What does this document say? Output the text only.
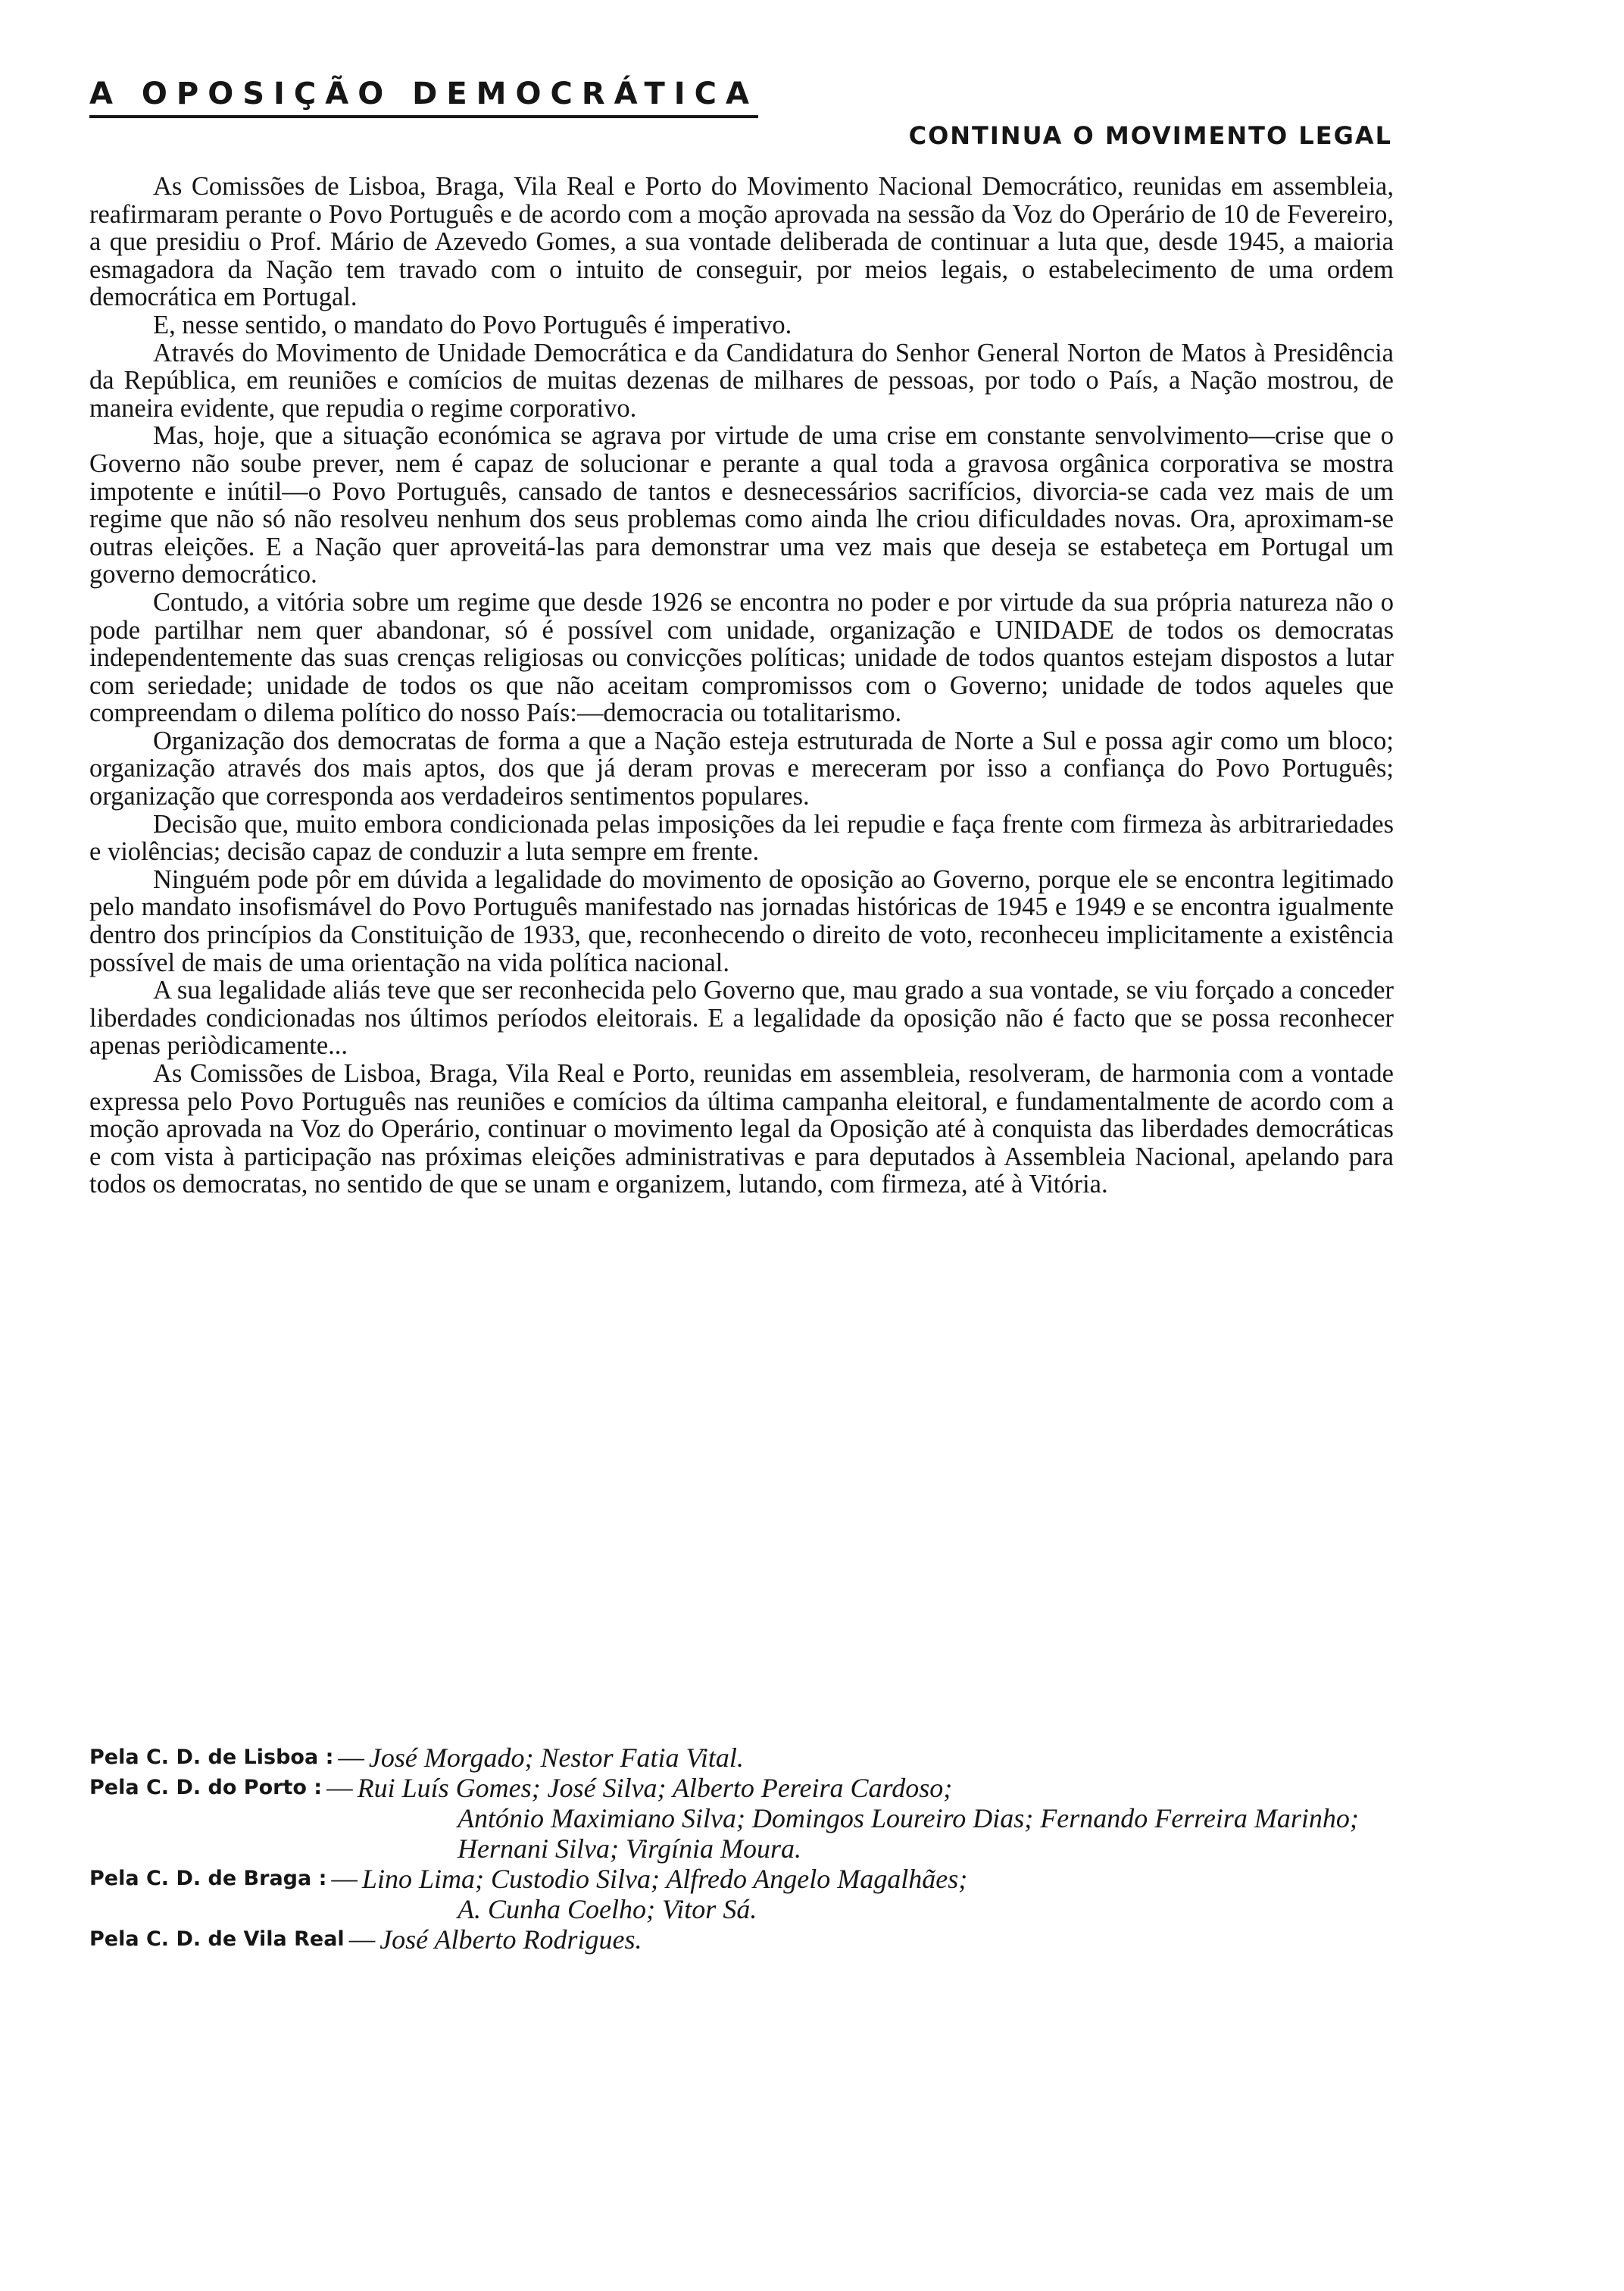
A OPOSIÇÃO DEMOCRÁTICA
CONTINUA O MOVIMENTO LEGAL

As Comissões de Lisboa, Braga, Vila Real e Porto do Movimento Nacional Democrático, reunidas em assembleia, reafirmaram perante o Povo Português e de acordo com a moção aprovada na sessão da Voz do Operário de 10 de Fevereiro, a que presidiu o Prof. Mário de Azevedo Gomes, a sua vontade deliberada de continuar a luta que, desde 1945, a maioria esmagadora da Nação tem travado com o intuito de conseguir, por meios legais, o estabelecimento de uma ordem democrática em Portugal.

E, nesse sentido, o mandato do Povo Português é imperativo.

Através do Movimento de Unidade Democrática e da Candidatura do Senhor General Norton de Matos à Presidência da República, em reuniões e comícios de muitas dezenas de milhares de pessoas, por todo o País, a Nação mostrou, de maneira evidente, que repudia o regime corporativo.

Mas, hoje, que a situação económica se agrava por virtude de uma crise em constante senvolvimento—crise que o Governo não soube prever, nem é capaz de solucionar e perante a qual toda a gravosa orgânica corporativa se mostra impotente e inútil—o Povo Português, cansado de tantos e desnecessários sacrifícios, divorcia-se cada vez mais de um regime que não só não resolveu nenhum dos seus problemas como ainda lhe criou dificuldades novas. Ora, aproximam-se outras eleições. E a Nação quer aproveitá-las para demonstrar uma vez mais que deseja se estabeteça em Portugal um governo democrático.

Contudo, a vitória sobre um regime que desde 1926 se encontra no poder e por virtude da sua própria natureza não o pode partilhar nem quer abandonar, só é possível com unidade, organização e UNIDADE de todos os democratas independentemente das suas crenças religiosas ou convicções políticas; unidade de todos quantos estejam dispostos a lutar com seriedade; unidade de todos os que não aceitam compromissos com o Governo; unidade de todos aqueles que compreendam o dilema político do nosso País:—democracia ou totalitarismo.

Organização dos democratas de forma a que a Nação esteja estruturada de Norte a Sul e possa agir como um bloco; organização através dos mais aptos, dos que já deram provas e mereceram por isso a confiança do Povo Português; organização que corresponda aos verdadeiros sentimentos populares.

Decisão que, muito embora condicionada pelas imposições da lei repudie e faça frente com firmeza às arbitrariedades e violências; decisão capaz de conduzir a luta sempre em frente.

Ninguém pode pôr em dúvida a legalidade do movimento de oposição ao Governo, porque ele se encontra legitimado pelo mandato insofismável do Povo Português manifestado nas jornadas históricas de 1945 e 1949 e se encontra igualmente dentro dos princípios da Constituição de 1933, que, reconhecendo o direito de voto, reconheceu implicitamente a existência possível de mais de uma orientação na vida política nacional.

A sua legalidade aliás teve que ser reconhecida pelo Governo que, mau grado a sua vontade, se viu forçado a conceder liberdades condicionadas nos últimos períodos eleitorais. E a legalidade da oposição não é facto que se possa reconhecer apenas periòdicamente...

As Comissões de Lisboa, Braga, Vila Real e Porto, reunidas em assembleia, resolveram, de harmonia com a vontade expressa pelo Povo Português nas reuniões e comícios da última campanha eleitoral, e fundamentalmente de acordo com a moção aprovada na Voz do Operário, continuar o movimento legal da Oposição até à conquista das liberdades democráticas e com vista à participação nas próximas eleições administrativas e para deputados à Assembleia Nacional, apelando para todos os democratas, no sentido de que se unam e organizem, lutando, com firmeza, até à Vitória.

Pela C. D. de Lisboa : — José Morgado; Nestor Fatia Vital.
Pela C. D. do Porto : — Rui Luís Gomes; José Silva; Alberto Pereira Cardoso;
António Maximiano Silva; Domingos Loureiro Dias; Fernando Ferreira Marinho; Hernani Silva; Virgínia Moura.
Pela C. D. de Braga : — Lino Lima; Custodio Silva; Alfredo Angelo Magalhães;
A. Cunha Coelho; Vitor Sá.
Pela C. D. de Vila Real — José Alberto Rodrigues.
